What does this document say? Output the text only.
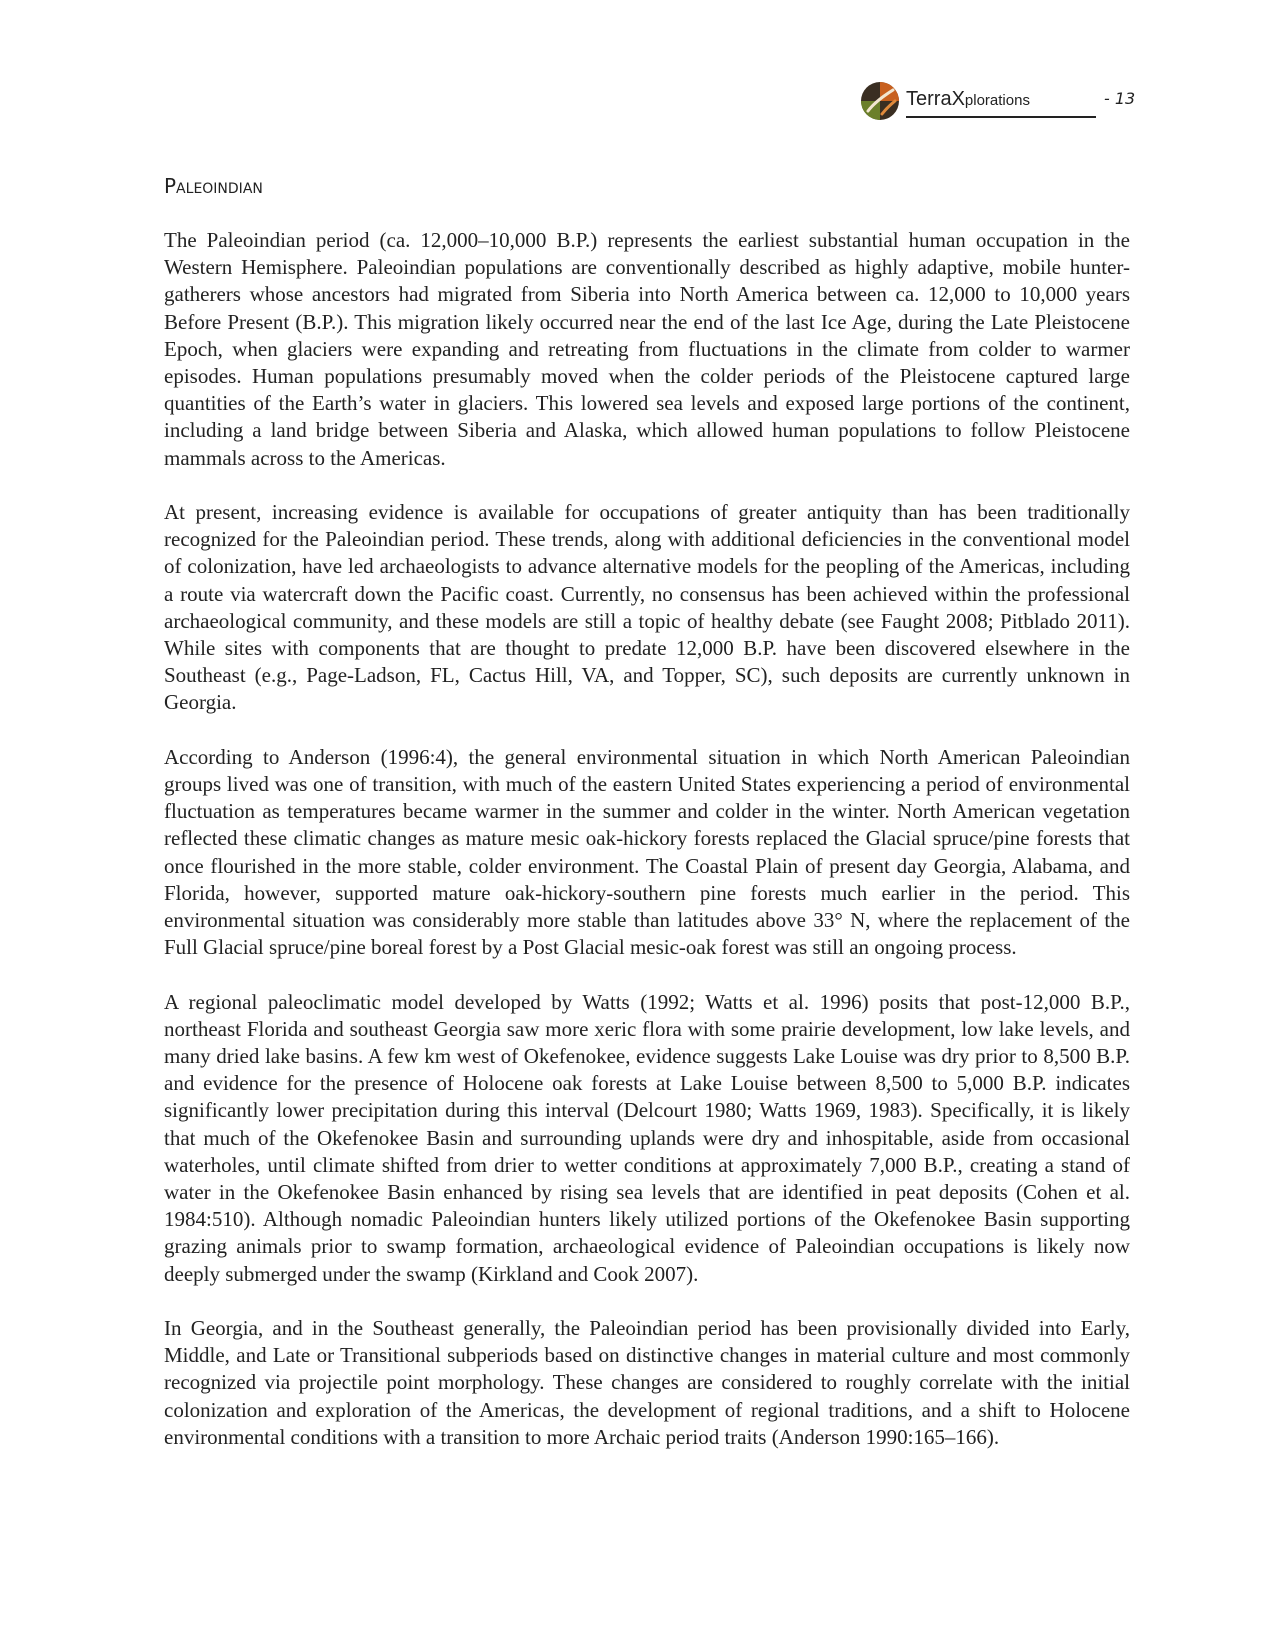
TerraXplorations	- 13
Paleoindian

The Paleoindian period (ca. 12,000–10,000 B.P.) represents the earliest substantial human occupation in the Western Hemisphere. Paleoindian populations are conventionally described as highly adaptive, mobile hunter-gatherers whose ancestors had migrated from Siberia into North America between ca. 12,000 to 10,000 years Before Present (B.P.). This migration likely occurred near the end of the last Ice Age, during the Late Pleistocene Epoch, when glaciers were expanding and retreating from fluctuations in the climate from colder to warmer episodes. Human populations presumably moved when the colder periods of the Pleistocene captured large quantities of the Earth’s water in glaciers. This lowered sea levels and exposed large portions of the continent, including a land bridge between Siberia and Alaska, which allowed human populations to follow Pleistocene mammals across to the Americas.

At present, increasing evidence is available for occupations of greater antiquity than has been traditionally recognized for the Paleoindian period. These trends, along with additional deficiencies in the conventional model of colonization, have led archaeologists to advance alternative models for the peopling of the Americas, including a route via watercraft down the Pacific coast. Currently, no consensus has been achieved within the professional archaeological community, and these models are still a topic of healthy debate (see Faught 2008; Pitblado 2011). While sites with components that are thought to predate 12,000 B.P. have been discovered elsewhere in the Southeast (e.g., Page-Ladson, FL, Cactus Hill, VA, and Topper, SC), such deposits are currently unknown in Georgia.

According to Anderson (1996:4), the general environmental situation in which North American Paleoindian groups lived was one of transition, with much of the eastern United States experiencing a period of environmental fluctuation as temperatures became warmer in the summer and colder in the winter. North American vegetation reflected these climatic changes as mature mesic oak-hickory forests replaced the Glacial spruce/pine forests that once flourished in the more stable, colder environment. The Coastal Plain of present day Georgia, Alabama, and Florida, however, supported mature oak-hickory-southern pine forests much earlier in the period. This environmental situation was considerably more stable than latitudes above 33° N, where the replacement of the Full Glacial spruce/pine boreal forest by a Post Glacial mesic-oak forest was still an ongoing process.

A regional paleoclimatic model developed by Watts (1992; Watts et al. 1996) posits that post-12,000 B.P., northeast Florida and southeast Georgia saw more xeric flora with some prairie development, low lake levels, and many dried lake basins. A few km west of Okefenokee, evidence suggests Lake Louise was dry prior to 8,500 B.P. and evidence for the presence of Holocene oak forests at Lake Louise between 8,500 to 5,000 B.P. indicates significantly lower precipitation during this interval (Delcourt 1980; Watts 1969, 1983). Specifically, it is likely that much of the Okefenokee Basin and surrounding uplands were dry and inhospitable, aside from occasional waterholes, until climate shifted from drier to wetter conditions at approximately 7,000 B.P., creating a stand of water in the Okefenokee Basin enhanced by rising sea levels that are identified in peat deposits (Cohen et al. 1984:510). Although nomadic Paleoindian hunters likely utilized portions of the Okefenokee Basin supporting grazing animals prior to swamp formation, archaeological evidence of Paleoindian occupations is likely now deeply submerged under the swamp (Kirkland and Cook 2007).

In Georgia, and in the Southeast generally, the Paleoindian period has been provisionally divided into Early, Middle, and Late or Transitional subperiods based on distinctive changes in material culture and most commonly recognized via projectile point morphology. These changes are considered to roughly correlate with the initial colonization and exploration of the Americas, the development of regional traditions, and a shift to Holocene environmental conditions with a transition to more Archaic period traits (Anderson 1990:165–166).
